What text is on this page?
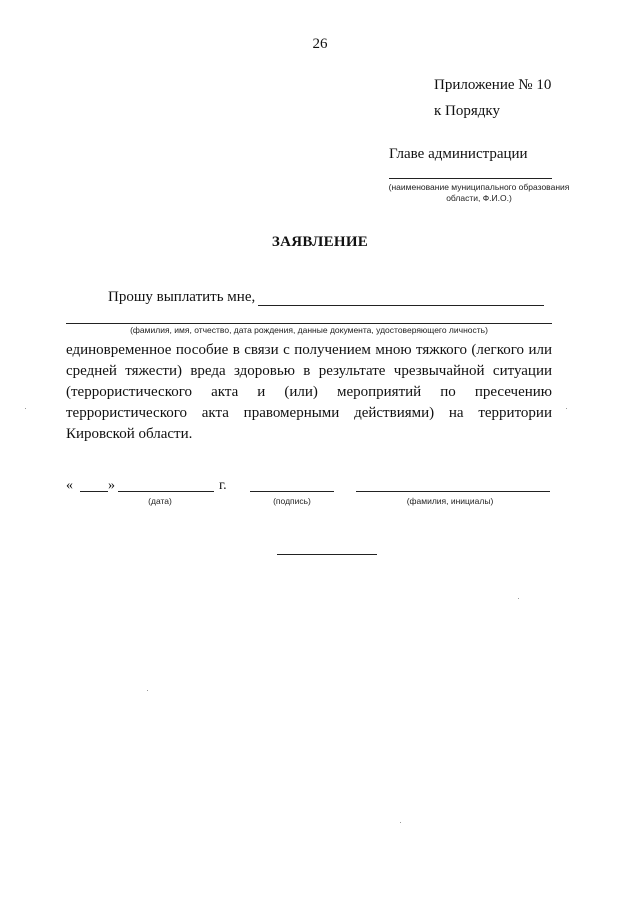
26
Приложение № 10
к Порядку
Главе администрации
(наименование муниципального образования области, Ф.И.О.)
ЗАЯВЛЕНИЕ
Прошу выплатить мне,
(фамилия, имя, отчество, дата рождения, данные документа, удостоверяющего личность)
единовременное пособие в связи с получением мною тяжкого (легкого или средней тяжести) вреда здоровью в результате чрезвычайной ситуации (террористического акта и (или) мероприятий по пресечению террористического акта правомерными действиями) на территории Кировской области.
«	»	г.
(дата)	(подпись)	(фамилия, инициалы)
